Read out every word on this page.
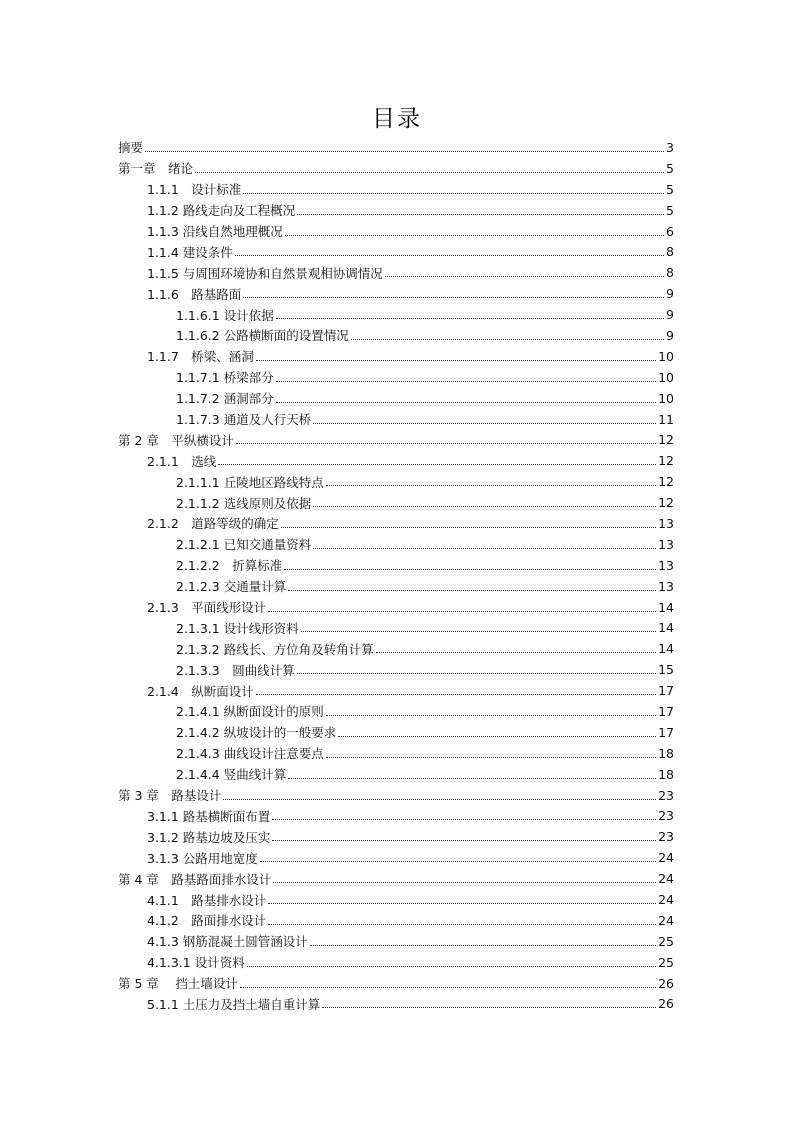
目录
摘要	3
第一章　绪论	5
1.1.1　设计标准	5
1.1.2 路线走向及工程概况	5
1.1.3 沿线自然地理概况	6
1.1.4 建设条件	8
1.1.5 与周围环境协和自然景观相协调情况	8
1.1.6　路基路面	9
1.1.6.1 设计依据	9
1.1.6.2 公路横断面的设置情况	9
1.1.7　桥梁、涵洞	10
1.1.7.1 桥梁部分	10
1.1.7.2 涵洞部分	10
1.1.7.3 通道及人行天桥	11
第 2 章　平纵横设计	12
2.1.1　选线	12
2.1.1.1 丘陵地区路线特点	12
2.1.1.2 选线原则及依据	12
2.1.2　道路等级的确定	13
2.1.2.1 已知交通量资料	13
2.1.2.2　折算标准	13
2.1.2.3 交通量计算	13
2.1.3　平面线形设计	14
2.1.3.1 设计线形资料	14
2.1.3.2 路线长、方位角及转角计算	14
2.1.3.3　圆曲线计算	15
2.1.4　纵断面设计	17
2.1.4.1 纵断面设计的原则	17
2.1.4.2 纵坡设计的一般要求	17
2.1.4.3 曲线设计注意要点	18
2.1.4.4 竖曲线计算	18
第 3 章　路基设计	23
3.1.1 路基横断面布置	23
3.1.2 路基边坡及压实	23
3.1.3 公路用地宽度	24
第 4 章　路基路面排水设计	24
4.1.1　路基排水设计	24
4.1.2　路面排水设计	24
4.1.3 钢筋混凝土圆管涵设计	25
4.1.3.1 设计资料	25
第 5 章　 挡土墙设计	26
5.1.1 土压力及挡土墙自重计算	26
